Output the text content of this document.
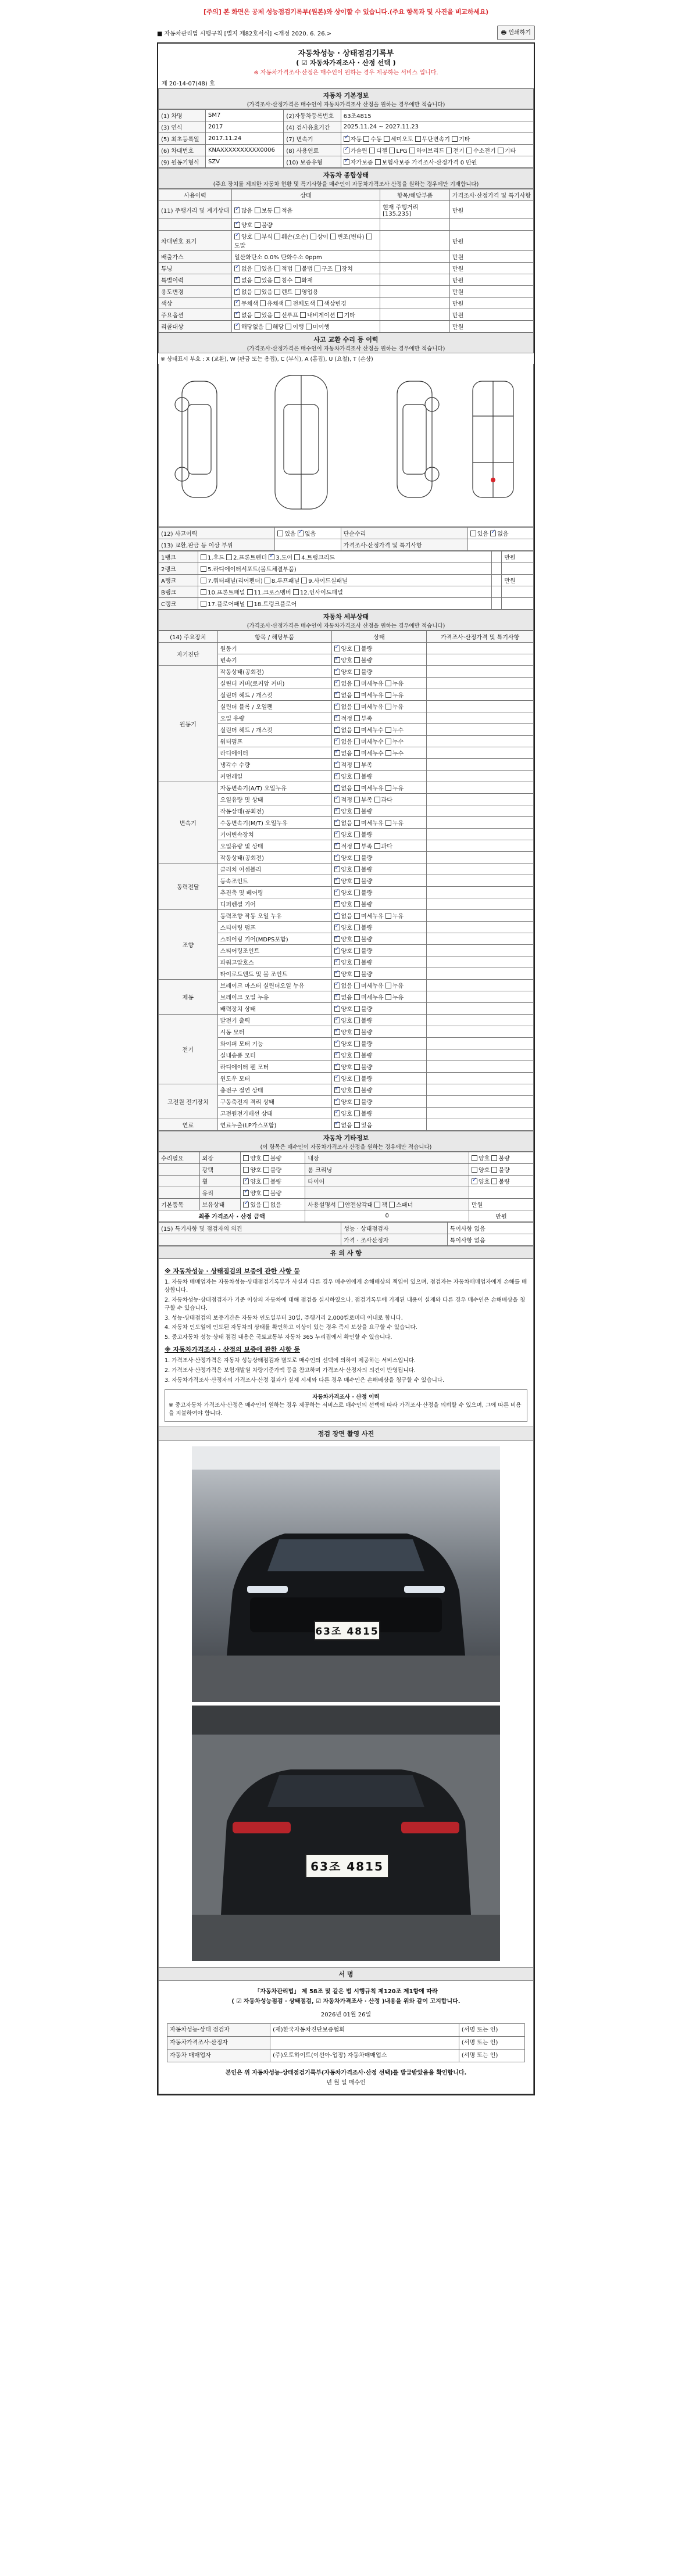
[주의] 본 화면은 공제 성능점검기록부(원본)와 상이할 수 있습니다.(주요 항목과 및 사진을 비교하세요)
■ 자동차관리법 시행규칙 [별지 제82호서식] <개정 2020. 6. 26.>	🖶 인쇄하기
자동차성능 · 상태점검기록부
( ☑ 자동차가격조사 · 산정 선택 )
※ 자동차가격조사·산정은 매수인이 원하는 경우 제공하는 서비스 입니다.
제 20-14-07(48) 호
자동차 기본정보
(가격조사·산정가격은 매수인이 자동차가격조사 산정을 원하는 경우에만 적습니다)
(1) 차명	SM7	(2)자동차등록번호	63조4815
(3) 연식	2017	(4) 검사유효기간	2025.11.24 ~ 2027.11.23
(5) 최초등록일	2017.11.24	(7) 변속기	✓자동 수동 세미오토 무단변속기 기타
(6) 차대번호	KNAXXXXXXXXXX0006	(8) 사용연료	✓가솔린 디젤 LPG 하이브리드 전기 수소전기 기타
(9) 원동기형식	SZV	(10) 보증유형	✓자가보증 보험사보증 가격조사·산정가격 0 만원
자동차 종합상태
(주요 장치를 제외한 자동차 현황 및 특기사항을 매수인이 자동차가격조사 산정을 원하는 경우에만 기재합니다)
사용이력	상태	항목/해당부품	가격조사·산정가격 및 특기사항
(11) 주행거리 및 계기상태	✓많음 보통 적음	현재 주행거리 [135,235]	만원
	✓양호 불량		
차대번호 표기	✓양호 부식 훼손(오손) 상이 변조(변타) 도말		만원
배출가스	일산화탄소 0.0% 탄화수소 0ppm		만원
튜닝	✓없음 있음 적법 불법 구조 장치		만원
특별이력	✓없음 있음 침수 화재		만원
용도변경	✓없음 있음 렌트 영업용		만원
색상	✓무채색 유채색 전체도색 색상변경		만원
주요옵션	✓없음 있음 선루프 내비게이션 기타		만원
리콜대상	✓해당없음 해당 이행 미이행		만원
사고 교환 수리 등 이력
(가격조사·산정가격은 매수인이 자동차가격조사 산정을 원하는 경우에만 적습니다)
※ 상태표시 부호 : X (교환), W (판금 또는 용접), C (부식), A (흠집), U (요철), T (손상)
(12) 사고이력	있음 ✓없음	단순수리	있음 ✓없음
(13) 교환,판금 등 이상 부위		가격조사·산정가격 및 특기사항	
1랭크	1.후드 2.프론트펜더 ✓3.도어 4.트렁크리드		만원
2랭크	5.라디에이터서포트(볼트체결부품)		
A랭크	7.쿼터패널(리어펜더) 8.루프패널 9.사이드실패널		만원
B랭크	10.프론트패널 11.크로스멤버 12.인사이드패널		
C랭크	17.플로어패널 18.트렁크플로어		
자동차 세부상태
(가격조사·산정가격은 매수인이 자동차가격조사 산정을 원하는 경우에만 적습니다)
(14) 주요장치	항목 / 해당부품	상태	가격조사·산정가격 및 특기사항
자기진단	원동기	✓양호 불량	
	변속기	✓양호 불량	
원동기	작동상태(공회전)	✓양호 불량	
	실린더 커버(로커암 커버)	✓없음 미세누유 누유	
	실린더 헤드 / 개스킷	✓없음 미세누유 누유	
	실린더 블록 / 오일팬	✓없음 미세누유 누유	
	오일 유량	✓적정 부족	
	실린더 헤드 / 개스킷	✓없음 미세누수 누수	
	워터펌프	✓없음 미세누수 누수	
	라디에이터	✓없음 미세누수 누수	
	냉각수 수량	✓적정 부족	
	커먼레일	✓양호 불량	
변속기	자동변속기(A/T) 오일누유	✓없음 미세누유 누유	
	오일유량 및 상태	✓적정 부족 과다	
	작동상태(공회전)	✓양호 불량	
	수동변속기(M/T) 오일누유	✓없음 미세누유 누유	
	기어변속장치	✓양호 불량	
	오일유량 및 상태	✓적정 부족 과다	
	작동상태(공회전)	✓양호 불량	
동력전달	클러치 어셈블리	✓양호 불량	
	등속조인트	✓양호 불량	
	추진축 및 베어링	✓양호 불량	
	디퍼렌셜 기어	✓양호 불량	
조향	동력조향 작동 오일 누유	✓없음 미세누유 누유	
	스티어링 펌프	✓양호 불량	
	스티어링 기어(MDPS포함)	✓양호 불량	
	스티어링조인트	✓양호 불량	
	파워고압호스	✓양호 불량	
	타이로드엔드 및 볼 조인트	✓양호 불량	
제동	브레이크 마스터 실린더오일 누유	✓없음 미세누유 누유	
	브레이크 오일 누유	✓없음 미세누유 누유	
	배력장치 상태	✓양호 불량	
전기	발전기 출력	✓양호 불량	
	시동 모터	✓양호 불량	
	와이퍼 모터 기능	✓양호 불량	
	실내송풍 모터	✓양호 불량	
	라디에이터 팬 모터	✓양호 불량	
	윈도우 모터	✓양호 불량	
고전원 전기장치	충전구 절연 상태	✓양호 불량	
	구동축전지 격리 상태	✓양호 불량	
	고전원전기배선 상태	✓양호 불량	
연료	연료누출(LP가스포함)	✓없음 있음	
자동차 기타정보
(이 항목은 매수인이 자동차가격조사 산정을 원하는 경우에만 적습니다)
수리필요	외장	양호 불량	내장	양호 불량
	광택	양호 불량	룸 크리닝	양호 불량
	휠	✓양호 불량	타이어	✓양호 불량
	유리	✓양호 불량		
기본품목	보유상태	✓있음 없음	사용설명서 안전삼각대 잭 스패너	만원
최종 가격조사 · 산정 금액			0	만원
(15) 특기사항 및 점검자의 의견	성능 · 상태점검자	특이사항 없음
	가격 · 조사산정자	특이사항 없음
유 의 사 항
※ 자동차성능 · 상태점검의 보증에 관한 사항 등

1. 자동차 매매업자는 자동차성능·상태점검기록부가 사실과 다른 경우 매수인에게 손해배상의 책임이 있으며, 점검자는 자동차매매업자에게 손해를 배상합니다.

2. 자동차성능·상태점검자가 기준 이상의 자동차에 대해 점검을 실시하였으나, 점검기록부에 기재된 내용이 실제와 다른 경우 매수인은 손해배상을 청구할 수 있습니다.

3. 성능·상태점검의 보증기간은 자동차 인도일부터 30일, 주행거리 2,000킬로미터 이내로 합니다.

4. 자동차 인도일에 인도된 자동차의 상태를 확인하고 이상이 있는 경우 즉시 보상을 요구할 수 있습니다.

5. 중고자동차 성능·상태 점검 내용은 국토교통부 자동차 365 누리집에서 확인할 수 있습니다.

※ 자동차가격조사 · 산정의 보증에 관한 사항 등

1. 가격조사·산정가격은 자동차 성능상태점검과 별도로 매수인의 선택에 의하여 제공하는 서비스입니다.

2. 가격조사·산정가격은 보험개발원 차량기준가액 등을 참고하며 가격조사·산정자의 의견이 반영됩니다.

3. 자동차가격조사·산정자의 가격조사·산정 결과가 실제 시세와 다른 경우 매수인은 손해배상을 청구할 수 있습니다.

자동차가격조사 · 산정 이력
※ 중고자동차 가격조사·산정은 매수인이 원하는 경우 제공하는 서비스로 매수인의 선택에 따라 가격조사·산정을 의뢰할 수 있으며, 그에 따른 비용을 지불하여야 합니다.
점검 장면 촬영 사진
63조 4815
63조 4815
서 명
「자동차관리법」 제 58조 및 같은 법 시행규칙 제120조 제1항에 따라
( ☑ 자동차성능점검 · 상태점검, ☑ 자동차가격조사 · 산정 )내용을 위와 같이 고지합니다.
2026년 01월 26일
자동차성능·상태 점검자	(재)한국자동차진단보증협회	(서명 또는 인)
자동차가격조사·산정자		(서명 또는 인)
자동차 매매업자	(주)오토하이트(이선아-업장) 자동차매매업소	(서명 또는 인)
본인은 위 자동차성능·상태점검기록부(자동차가격조사·산정 선택)를 발급받았음을 확인합니다.
년 월 일 매수인
